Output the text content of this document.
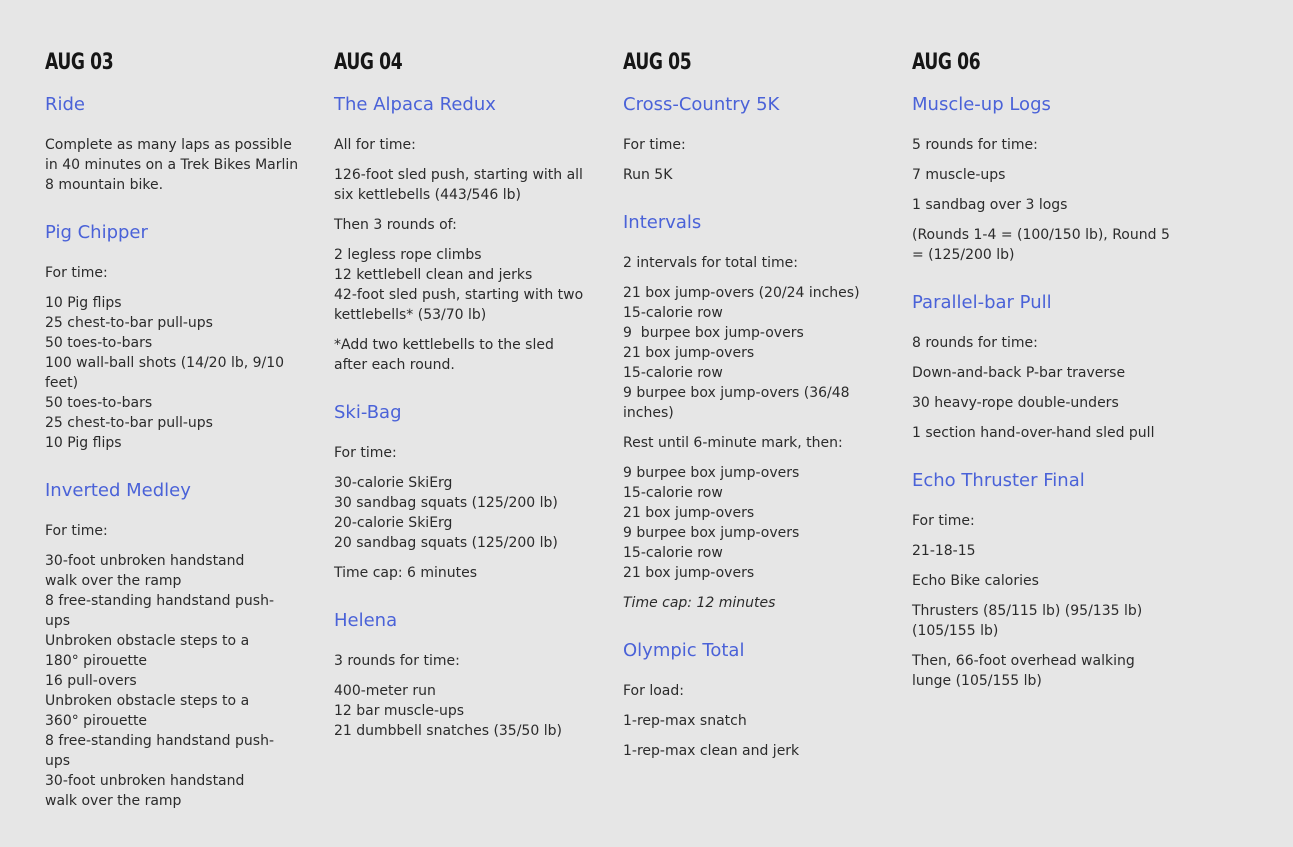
AUG 03
Ride

Complete as many laps as possible
in 40 minutes on a Trek Bikes Marlin
8 mountain bike.

Pig Chipper

For time:

10 Pig flips
25 chest-to-bar pull-ups
50 toes-to-bars
100 wall-ball shots (14/20 lb, 9/10
feet)
50 toes-to-bars
25 chest-to-bar pull-ups
10 Pig flips

Inverted Medley

For time:

30-foot unbroken handstand
walk over the ramp
8 free-standing handstand push-
ups
Unbroken obstacle steps to a
180° pirouette
16 pull-overs
Unbroken obstacle steps to a
360° pirouette
8 free-standing handstand push-
ups
30-foot unbroken handstand
walk over the ramp

AUG 04
The Alpaca Redux

All for time:

126-foot sled push, starting with all
six kettlebells (443/546 lb)

Then 3 rounds of:

2 legless rope climbs
12 kettlebell clean and jerks
42-foot sled push, starting with two
kettlebells* (53/70 lb)

*Add two kettlebells to the sled
after each round.

Ski-Bag

For time:

30-calorie SkiErg
30 sandbag squats (125/200 lb)
20-calorie SkiErg
20 sandbag squats (125/200 lb)

Time cap: 6 minutes

Helena

3 rounds for time:

400-meter run
12 bar muscle-ups
21 dumbbell snatches (35/50 lb)

AUG 05
Cross-Country 5K

For time:

Run 5K

Intervals

2 intervals for total time:

21 box jump-overs (20/24 inches)
15-calorie row
9  burpee box jump-overs
21 box jump-overs
15-calorie row
9 burpee box jump-overs (36/48
inches)

Rest until 6-minute mark, then:

9 burpee box jump-overs
15-calorie row
21 box jump-overs
9 burpee box jump-overs
15-calorie row
21 box jump-overs

Time cap: 12 minutes

Olympic Total

For load:

1-rep-max snatch

1-rep-max clean and jerk

AUG 06
Muscle-up Logs

5 rounds for time:

7 muscle-ups

1 sandbag over 3 logs

(Rounds 1-4 = (100/150 lb), Round 5
= (125/200 lb)

Parallel-bar Pull

8 rounds for time:

Down-and-back P-bar traverse

30 heavy-rope double-unders

1 section hand-over-hand sled pull

Echo Thruster Final

For time:

21-18-15

Echo Bike calories

Thrusters (85/115 lb) (95/135 lb)
(105/155 lb)

Then, 66-foot overhead walking
lunge (105/155 lb)
